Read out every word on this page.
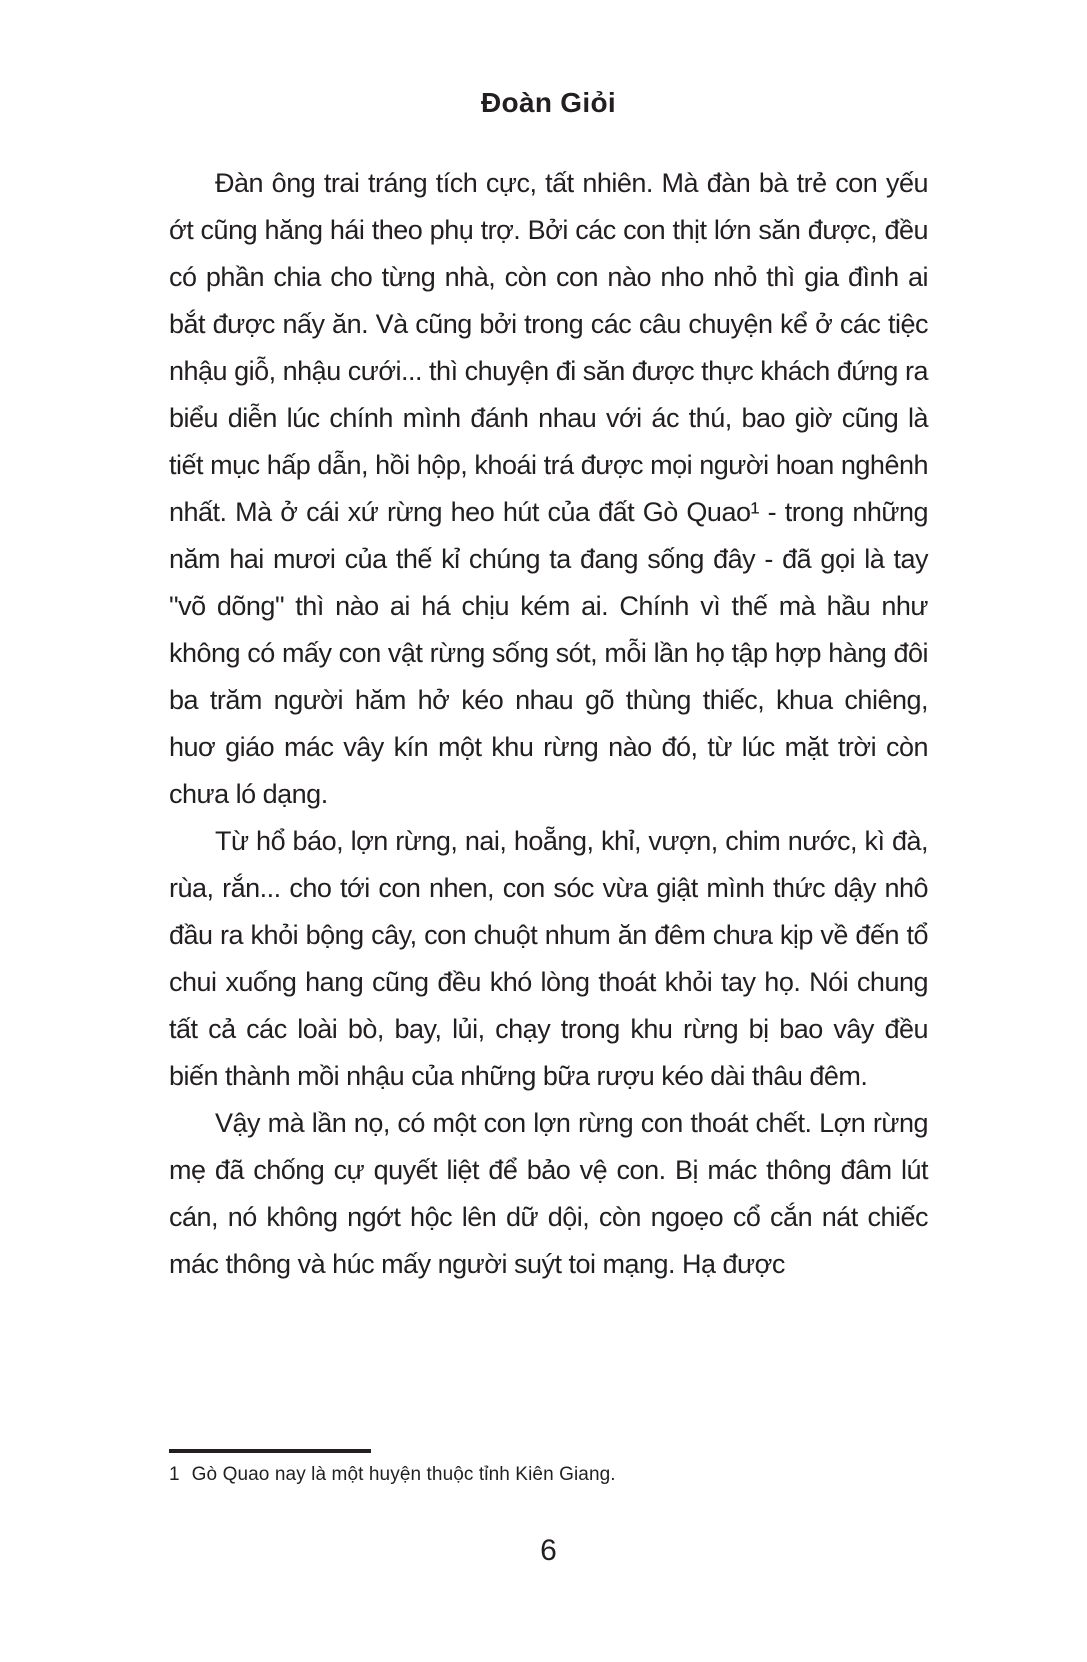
Đoàn Giỏi

Đàn ông trai tráng tích cực, tất nhiên. Mà đàn bà trẻ con yếu ớt cũng hăng hái theo phụ trợ. Bởi các con thịt lớn săn được, đều có phần chia cho từng nhà, còn con nào nho nhỏ thì gia đình ai bắt được nấy ăn. Và cũng bởi trong các câu chuyện kể ở các tiệc nhậu giỗ, nhậu cưới... thì chuyện đi săn được thực khách đứng ra biểu diễn lúc chính mình đánh nhau với ác thú, bao giờ cũng là tiết mục hấp dẫn, hồi hộp, khoái trá được mọi người hoan nghênh nhất. Mà ở cái xứ rừng heo hút của đất Gò Quao¹ - trong những năm hai mươi của thế kỉ chúng ta đang sống đây - đã gọi là tay "võ dõng" thì nào ai há chịu kém ai. Chính vì thế mà hầu như không có mấy con vật rừng sống sót, mỗi lần họ tập hợp hàng đôi ba trăm người hăm hở kéo nhau gõ thùng thiếc, khua chiêng, huơ giáo mác vây kín một khu rừng nào đó, từ lúc mặt trời còn chưa ló dạng.

Từ hổ báo, lợn rừng, nai, hoẵng, khỉ, vượn, chim nước, kì đà, rùa, rắn... cho tới con nhen, con sóc vừa giật mình thức dậy nhô đầu ra khỏi bộng cây, con chuột nhum ăn đêm chưa kịp về đến tổ chui xuống hang cũng đều khó lòng thoát khỏi tay họ. Nói chung tất cả các loài bò, bay, lủi, chạy trong khu rừng bị bao vây đều biến thành mồi nhậu của những bữa rượu kéo dài thâu đêm.

Vậy mà lần nọ, có một con lợn rừng con thoát chết. Lợn rừng mẹ đã chống cự quyết liệt để bảo vệ con. Bị mác thông đâm lút cán, nó không ngớt hộc lên dữ dội, còn ngoẹo cổ cắn nát chiếc mác thông và húc mấy người suýt toi mạng. Hạ được

1 Gò Quao nay là một huyện thuộc tỉnh Kiên Giang.
6
